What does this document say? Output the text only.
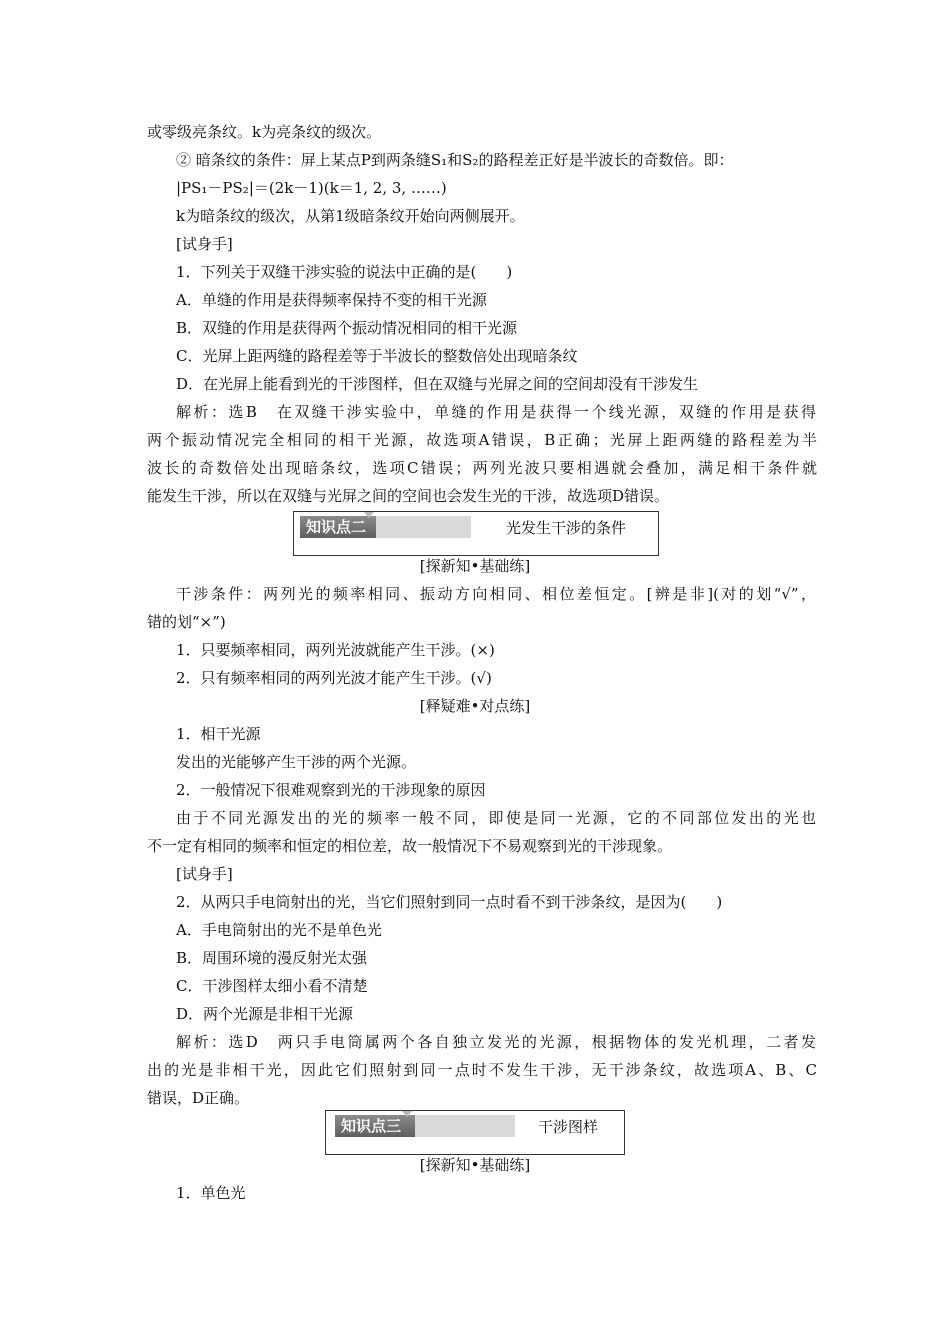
或零级亮条纹。k为亮条纹的级次。
② 暗条纹的条件：屏上某点P到两条缝S₁和S₂的路程差正好是半波长的奇数倍。即：
|PS₁－PS₂|＝(2k－1)(k＝1, 2, 3, ……)
k为暗条纹的级次，从第1级暗条纹开始向两侧展开。
[试身手]
1．下列关于双缝干涉实验的说法中正确的是(　　)
A．单缝的作用是获得频率保持不变的相干光源
B．双缝的作用是获得两个振动情况相同的相干光源
C．光屏上距两缝的路程差等于半波长的整数倍处出现暗条纹
D．在光屏上能看到光的干涉图样，但在双缝与光屏之间的空间却没有干涉发生
解析：选B　在双缝干涉实验中，单缝的作用是获得一个线光源，双缝的作用是获得
两个振动情况完全相同的相干光源，故选项A错误，B正确；光屏上距两缝的路程差为半
波长的奇数倍处出现暗条纹，选项C错误；两列光波只要相遇就会叠加，满足相干条件就
能发生干涉，所以在双缝与光屏之间的空间也会发生光的干涉，故选项D错误。
知识点二	光发生干涉的条件
[探新知•基础练]
干涉条件：两列光的频率相同、振动方向相同、相位差恒定。[辨是非](对的划“√”，
错的划“×”)
1．只要频率相同，两列光波就能产生干涉。(×)
2．只有频率相同的两列光波才能产生干涉。(√)
[释疑难•对点练]
1．相干光源
发出的光能够产生干涉的两个光源。
2．一般情况下很难观察到光的干涉现象的原因
由于不同光源发出的光的频率一般不同，即使是同一光源，它的不同部位发出的光也
不一定有相同的频率和恒定的相位差，故一般情况下不易观察到光的干涉现象。
[试身手]
2．从两只手电筒射出的光，当它们照射到同一点时看不到干涉条纹，是因为(　　)
A．手电筒射出的光不是单色光
B．周围环境的漫反射光太强
C．干涉图样太细小看不清楚
D．两个光源是非相干光源
解析：选D　两只手电筒属两个各自独立发光的光源，根据物体的发光机理，二者发
出的光是非相干光，因此它们照射到同一点时不发生干涉，无干涉条纹，故选项A、B、C
错误，D正确。
知识点三	干涉图样
[探新知•基础练]
1．单色光
